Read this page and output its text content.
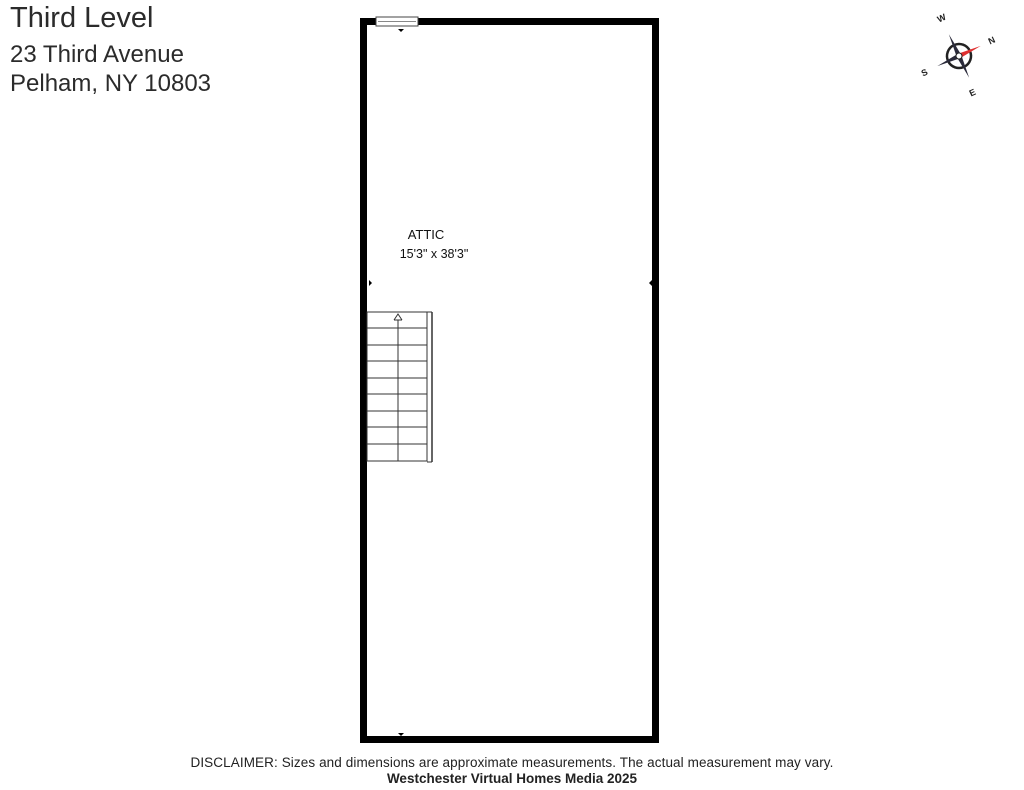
Third Level
23 Third Avenue
Pelham, NY 10803
ATTIC
15'3" x 38'3"
W
N
S
E
DISCLAIMER: Sizes and dimensions are approximate measurements. The actual measurement may vary.
Westchester Virtual Homes Media 2025
